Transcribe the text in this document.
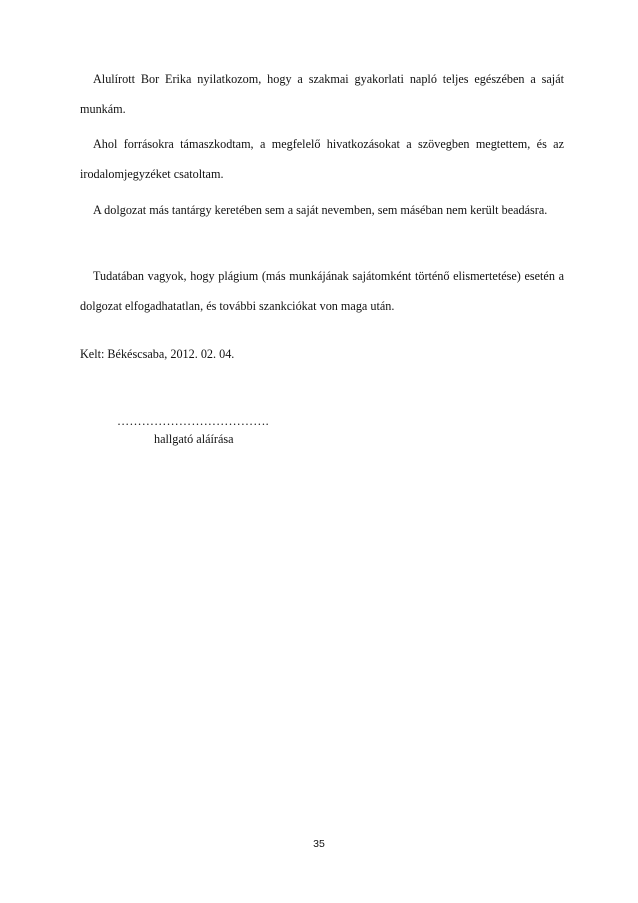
Alulírott Bor Erika nyilatkozom, hogy a szakmai gyakorlati napló teljes egészében a saját munkám.

Ahol forrásokra támaszkodtam, a megfelelő hivatkozásokat a szövegben megtettem, és az irodalomjegyzéket csatoltam.

A dolgozat más tantárgy keretében sem a saját nevemben, sem máséban nem került beadásra.

Tudatában vagyok, hogy plágium (más munkájának sajátomként történő elismertetése) esetén a dolgozat elfogadhatatlan, és további szankciókat von maga után.

Kelt: Békéscsaba, 2012. 02. 04.

……………………………….

hallgató aláírása

35
